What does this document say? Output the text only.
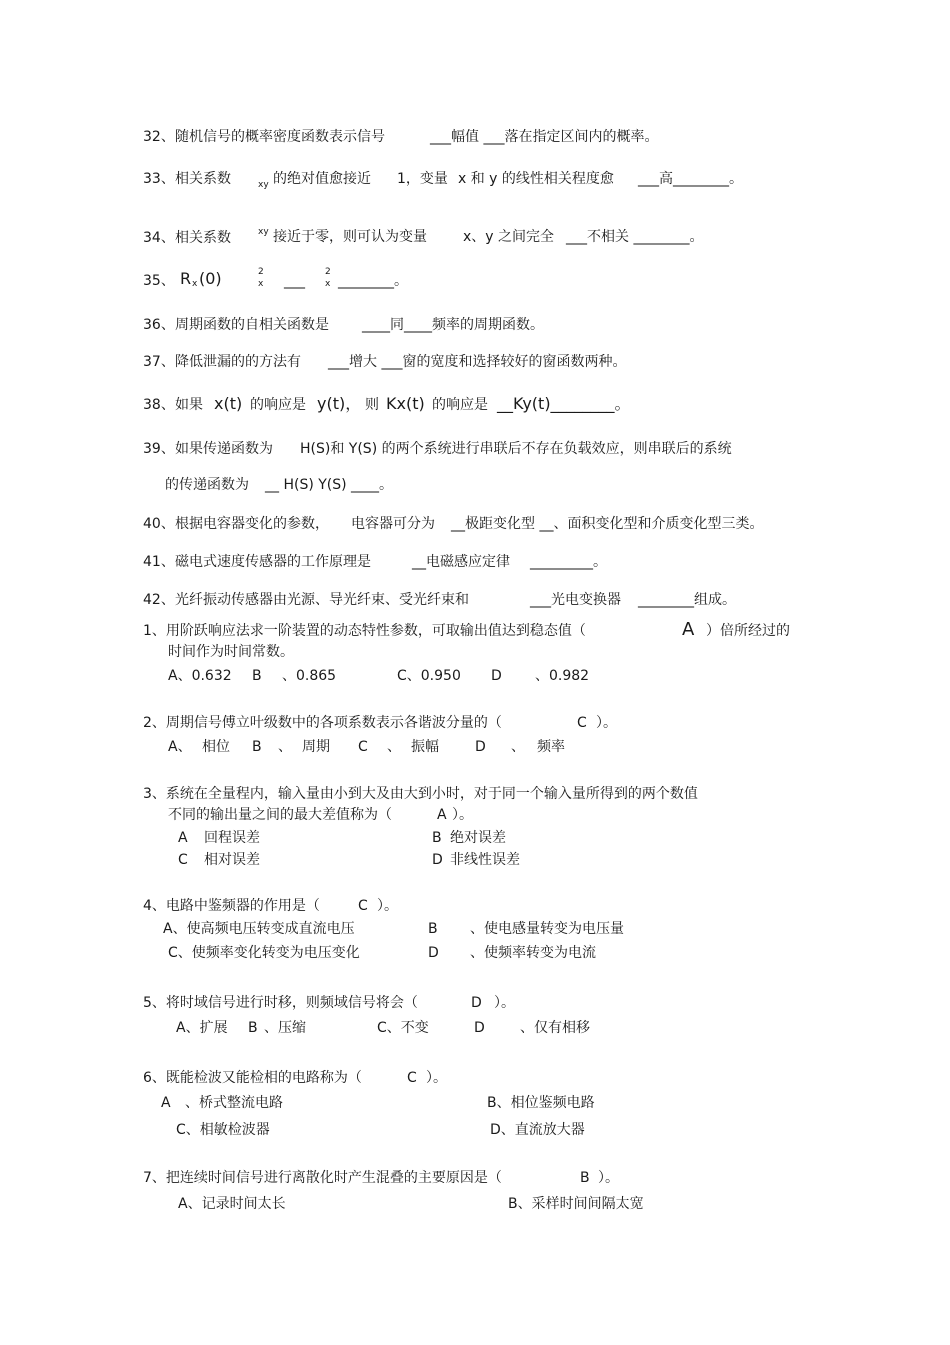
32、 随机信号的概率密度函数表示信号	___幅值 ___落在指定区间内的概率。
33、 相关系数	xy 的绝对值愈接近 1，变量 x 和 y 的线性相关程度愈 ___高________。
34、 相关系数	xy 接近于零，则可认为变量	x、y 之间完全 ___不相关 ________。
35、 R x (0)	2
x ___
2
x ________。
36、 周期函数的自相关函数是 ____同____频率的周期函数。
37、 降低泄漏的的方法有 ___增大 ___窗的宽度和选择较好的窗函数两种。
38、 如果 x(t) 的响应是 y(t)， 则 Kx(t) 的响应是 __Ky(t)________。
39、 如果传递函数为 H(S)和 Y(S) 的两个系统进行串联后不存在负载效应，则串联后的系统
的传递函数为 __ H(S) Y(S) ____。
40、 根据电容器变化的参数， 电容器可分为 __极距变化型 __、面积变化型和介质变化型三类。
41、 磁电式速度传感器的工作原理是	__电磁感应定律 _________。
42、 光纤振动传感器由光源、导光纤束、受光纤束和	___光电变换器 ________组成。
1、用阶跃响应法求一阶装置的动态特性参数，可取输出值达到稳态值（	A ）倍所经过的
时间作为时间常数。
A、0.632 B 、0.865	C、0.950 D 、0.982
2、周期信号傅立叶级数中的各项系数表示各谐波分量的（	C ）。
A、 相位 B 、 周期 C 、 振幅	D 、 频率
3、系统在全量程内，输入量由小到大及由大到小时，对于同一个输入量所得到的两个数值
不同的输出量之间的最大差值称为（	A ）。
A 回程误差	B 绝对误差
C 相对误差	D 非线性误差
4、电路中鉴频器的作用是（	C ）。
A、使高频电压转变成直流电压	B 、使电感量转变为电压量
C、使频率变化转变为电压变化	D 、使频率转变为电流
5、将时域信号进行时移，则频域信号将会（	D ）。
A、扩展 B 、压缩	C、不变	D	、仅有相移
6、既能检波又能检相的电路称为（	C ）。
A 、桥式整流电路	B、相位鉴频电路
C、相敏检波器	D、直流放大器
7、把连续时间信号进行离散化时产生混叠的主要原因是（	B ）。
A、记录时间太长	B、采样时间间隔太宽
